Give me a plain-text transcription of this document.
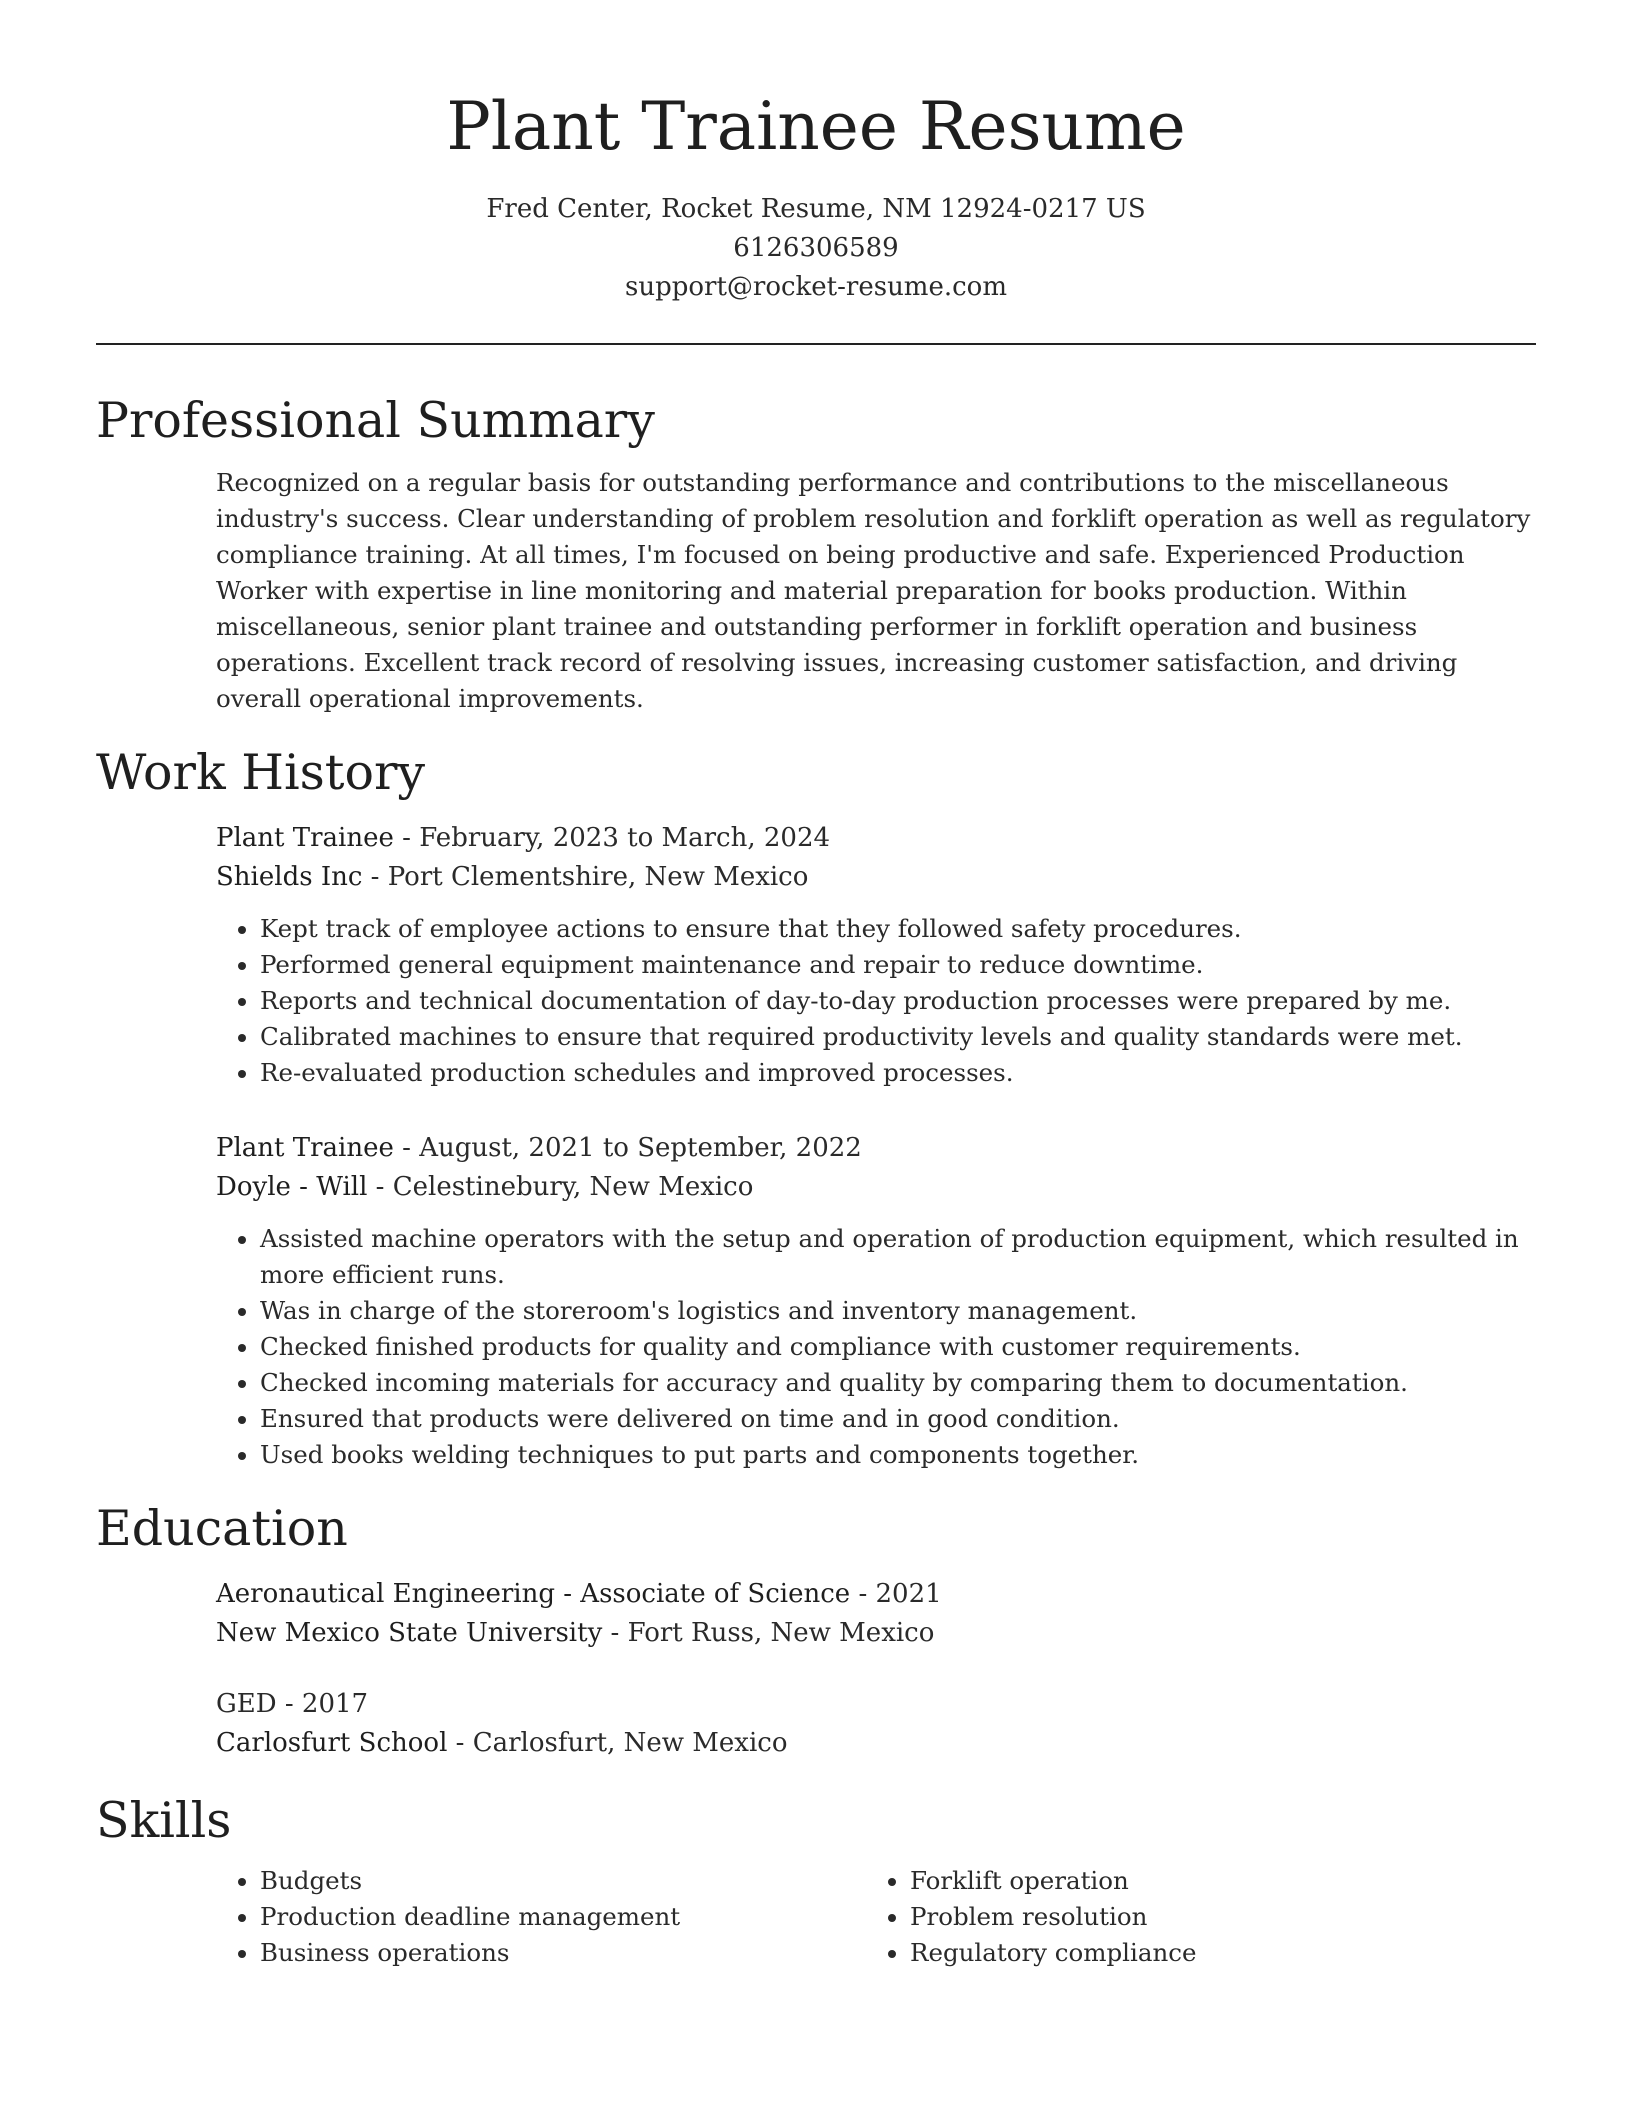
Plant Trainee Resume
Fred Center, Rocket Resume, NM 12924-0217 US
6126306589
support@rocket-resume.com
Professional Summary
Recognized on a regular basis for outstanding performance and contributions to the miscellaneous industry's success. Clear understanding of problem resolution and forklift operation as well as regulatory compliance training. At all times, I'm focused on being productive and safe. Experienced Production Worker with expertise in line monitoring and material preparation for books production. Within miscellaneous, senior plant trainee and outstanding performer in forklift operation and business operations. Excellent track record of resolving issues, increasing customer satisfaction, and driving overall operational improvements.
Work History
Plant Trainee - February, 2023 to March, 2024
Shields Inc - Port Clementshire, New Mexico
• Kept track of employee actions to ensure that they followed safety procedures.
• Performed general equipment maintenance and repair to reduce downtime.
• Reports and technical documentation of day-to-day production processes were prepared by me.
• Calibrated machines to ensure that required productivity levels and quality standards were met.
• Re-evaluated production schedules and improved processes.
Plant Trainee - August, 2021 to September, 2022
Doyle - Will - Celestinebury, New Mexico
• Assisted machine operators with the setup and operation of production equipment, which resulted in more efficient runs.
• Was in charge of the storeroom's logistics and inventory management.
• Checked finished products for quality and compliance with customer requirements.
• Checked incoming materials for accuracy and quality by comparing them to documentation.
• Ensured that products were delivered on time and in good condition.
• Used books welding techniques to put parts and components together.
Education
Aeronautical Engineering - Associate of Science - 2021
New Mexico State University - Fort Russ, New Mexico
GED - 2017
Carlosfurt School - Carlosfurt, New Mexico
Skills
• Budgets
• Production deadline management
• Business operations
• Forklift operation
• Problem resolution
• Regulatory compliance
